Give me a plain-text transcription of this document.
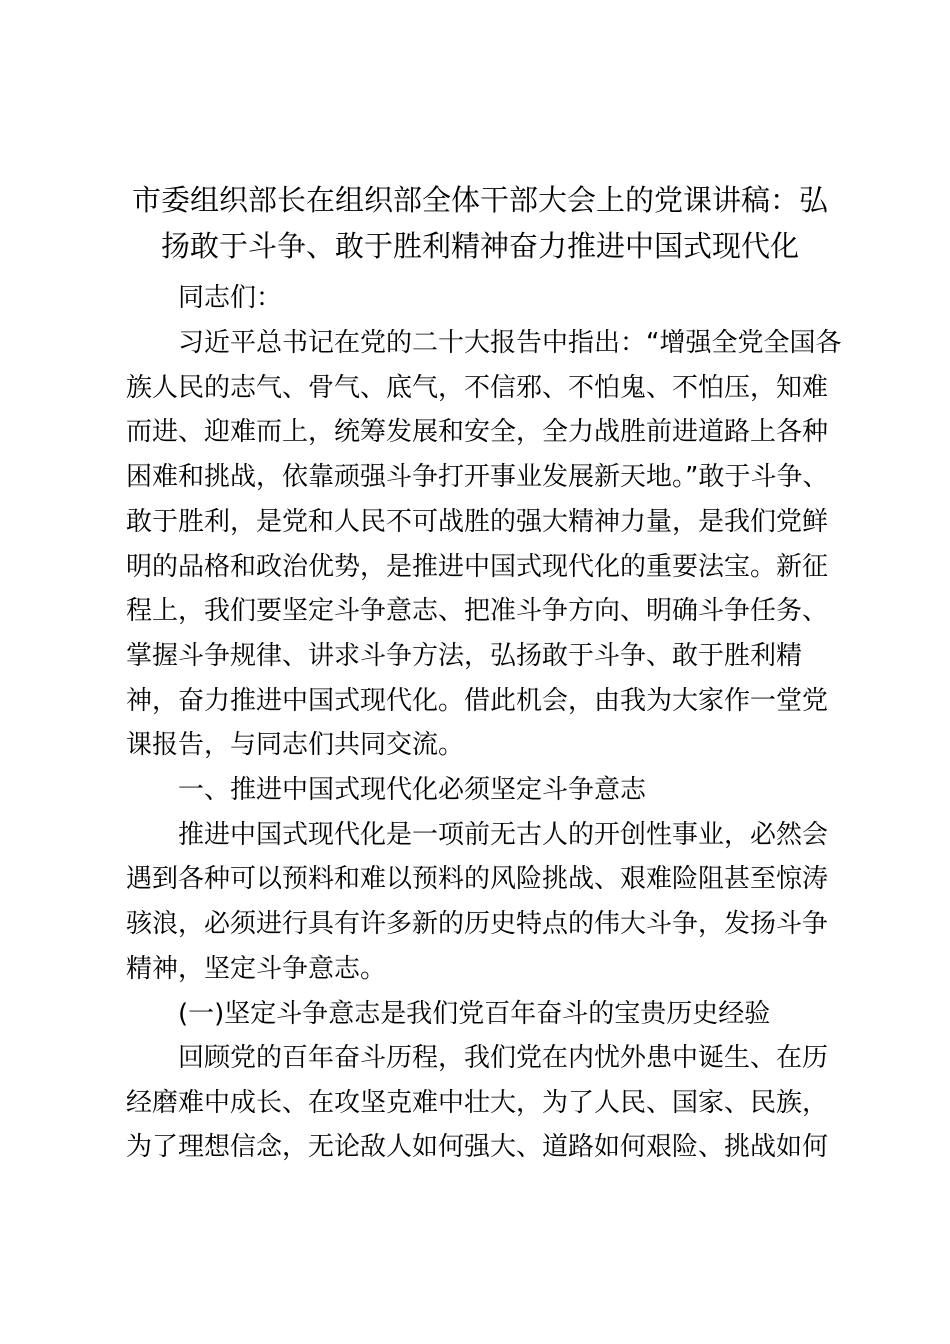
市委组织部长在组织部全体干部大会上的党课讲稿：弘
扬敢于斗争、敢于胜利精神奋力推进中国式现代化
同志们：
习近平总书记在党的二十大报告中指出：“增强全党全国各
族人民的志气、骨气、底气，不信邪、不怕鬼、不怕压，知难
而进、迎难而上，统筹发展和安全，全力战胜前进道路上各种
困难和挑战，依靠顽强斗争打开事业发展新天地。”敢于斗争、
敢于胜利，是党和人民不可战胜的强大精神力量，是我们党鲜
明的品格和政治优势，是推进中国式现代化的重要法宝。新征
程上，我们要坚定斗争意志、把准斗争方向、明确斗争任务、
掌握斗争规律、讲求斗争方法，弘扬敢于斗争、敢于胜利精
神，奋力推进中国式现代化。借此机会，由我为大家作一堂党
课报告，与同志们共同交流。
一、推进中国式现代化必须坚定斗争意志
推进中国式现代化是一项前无古人的开创性事业，必然会
遇到各种可以预料和难以预料的风险挑战、艰难险阻甚至惊涛
骇浪，必须进行具有许多新的历史特点的伟大斗争，发扬斗争
精神，坚定斗争意志。
(一)坚定斗争意志是我们党百年奋斗的宝贵历史经验
回顾党的百年奋斗历程，我们党在内忧外患中诞生、在历
经磨难中成长、在攻坚克难中壮大，为了人民、国家、民族，
为了理想信念，无论敌人如何强大、道路如何艰险、挑战如何
